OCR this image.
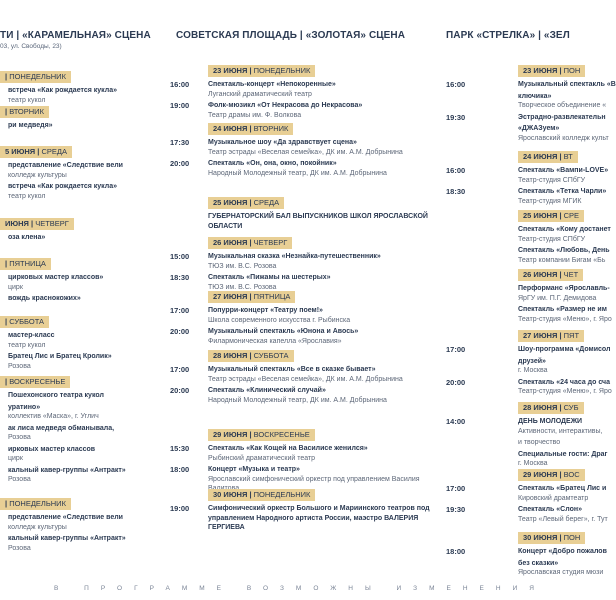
ТИ | «КАРАМЕЛЬНАЯ» СЦЕНА
03, ул. Свободы, 23)
| ПОНЕДЕЛЬНИК
встреча «Как рождается кукла»
театр кукол
| ВТОРНИК
ри медведя»
5 ИЮНЯ | СРЕДА
представление «Следствие вели
колледж культуры
встреча «Как рождается кукла»
театр кукол
ИЮНЯ | ЧЕТВЕРГ
оза клена»
| ПЯТНИЦА
цирковых мастер классов»
цирк
вождь краснокожих»
| СУББОТА
мастер-класс
театр кукол
Братец Лис и Братец Кролик»
Розова
| ВОСКРЕСЕНЬЕ
Пошехонского театра кукол
уратино»
коллектив «Маска», г. Углич
ак лиса медведя обманывала,
Розова
ирковых мастер классов
цирк
кальный кавер-группы «Антракт»
Розова
| ПОНЕДЕЛЬНИК
представление «Следствие вели
колледж культуры
кальный кавер-группы «Антракт»
Розова
СОВЕТСКАЯ ПЛОЩАДЬ | «ЗОЛОТАЯ» СЦЕНА
23 ИЮНЯ | ПОНЕДЕЛЬНИК
16:00	Спектакль-концерт «Непокоренные»
Луганский драматический театр
19:00	Фолк-мюзикл «От Некрасова до Некрасова»
Театр драмы им. Ф. Волкова
24 ИЮНЯ | ВТОРНИК
17:30	Музыкальное шоу «Да здравствует сцена»
Театр эстрады «Веселая семейка», ДК им. А.М. Добрынина
20:00	Спектакль «Он, она, окно, покойник»
Народный Молодежный театр, ДК им. А.М. Добрынина
25 ИЮНЯ | СРЕДА
ГУБЕРНАТОРСКИЙ БАЛ ВЫПУСКНИКОВ ШКОЛ ЯРОСЛАВСКОЙ ОБЛАСТИ
26 ИЮНЯ | ЧЕТВЕРГ
15:00	Музыкальная сказка «Незнайка-путешественник»
ТЮЗ им. В.С. Розова
18:30	Спектакль «Пижамы на шестерых»
ТЮЗ им. В.С. Розова
27 ИЮНЯ | ПЯТНИЦА
17:00	Попурри-концерт «Театру поем!»
Школа современного искусства г. Рыбинска
20:00	Музыкальный спектакль «Юнона и Авось»
Филармоническая капелла «Ярославия»
28 ИЮНЯ | СУББОТА
17:00	Музыкальный спектакль «Все в сказке бывает»
Театр эстрады «Веселая семейка», ДК им. А.М. Добрынина
20:00	Спектакль «Клинический случай»
Народный Молодежный театр, ДК им. А.М. Добрынина
29 ИЮНЯ | ВОСКРЕСЕНЬЕ
15:30	Спектакль «Как Кощей на Василисе женился»
Рыбинский драматический театр
18:00	Концерт «Музыка и театр»
Ярославский симфонический оркестр под управлением Василия
30 ИЮНЯ | ПОНЕДЕЛЬНИК
19:00	Симфонический оркестр Большого и Мариинского театров под управлением Народного артиста России, маэстро ВАЛЕРИЯ ГЕРГИЕВА
ПАРК «СТРЕЛКА» | «ЗЕЛ
23 ИЮНЯ | ПОН
16:00	Музыкальный спектакль «В
ключика»
Творческое объединение «
19:30	Эстрадно-развлекательн
«ДЖАЗуем»
Ярославский колледж культ
24 ИЮНЯ | ВТ
16:00	Спектакль «Вампи-LOVE»
Театр-студия СПбГУ
18:30	Спектакль «Тетка Чарли»
Театр-студия МГИК
25 ИЮНЯ | СРЕ
Спектакль «Кому достанет
Театр-студия СПбГУ
Спектакль «Любовь, День
Театр компании Бигам «Бь
26 ИЮНЯ | ЧЕТ
Перформанс «Ярославль-
ЯрГУ им. П.Г. Демидова
Спектакль «Размер не им
Театр-студия «Меню», г. Яро
27 ИЮНЯ | ПЯТ
17:00	Шоу-программа «Домисол
друзей»
г. Москва
20:00	Спектакль «24 часа до сча
Театр-студия «Меню», г. Яро
28 ИЮНЯ | СУБ
14:00	ДЕНЬ МОЛОДЕЖИ
Активности, интерактивы,
и творчество
Специальные гости: Драг
г. Москва
29 ИЮНЯ | ВОС
17:00	Спектакль «Братец Лис и
Кировский драмтеатр
19:30	Спектакль «Слон»
Театр «Левый берег», г. Тут
30 ИЮНЯ | ПОН
18:00	Концерт «Добро пожалов
без сказки»
Ярославская студия мюзи
В ПРОГРАММЕ ВОЗМОЖНЫ ИЗМЕНЕНИЯ
